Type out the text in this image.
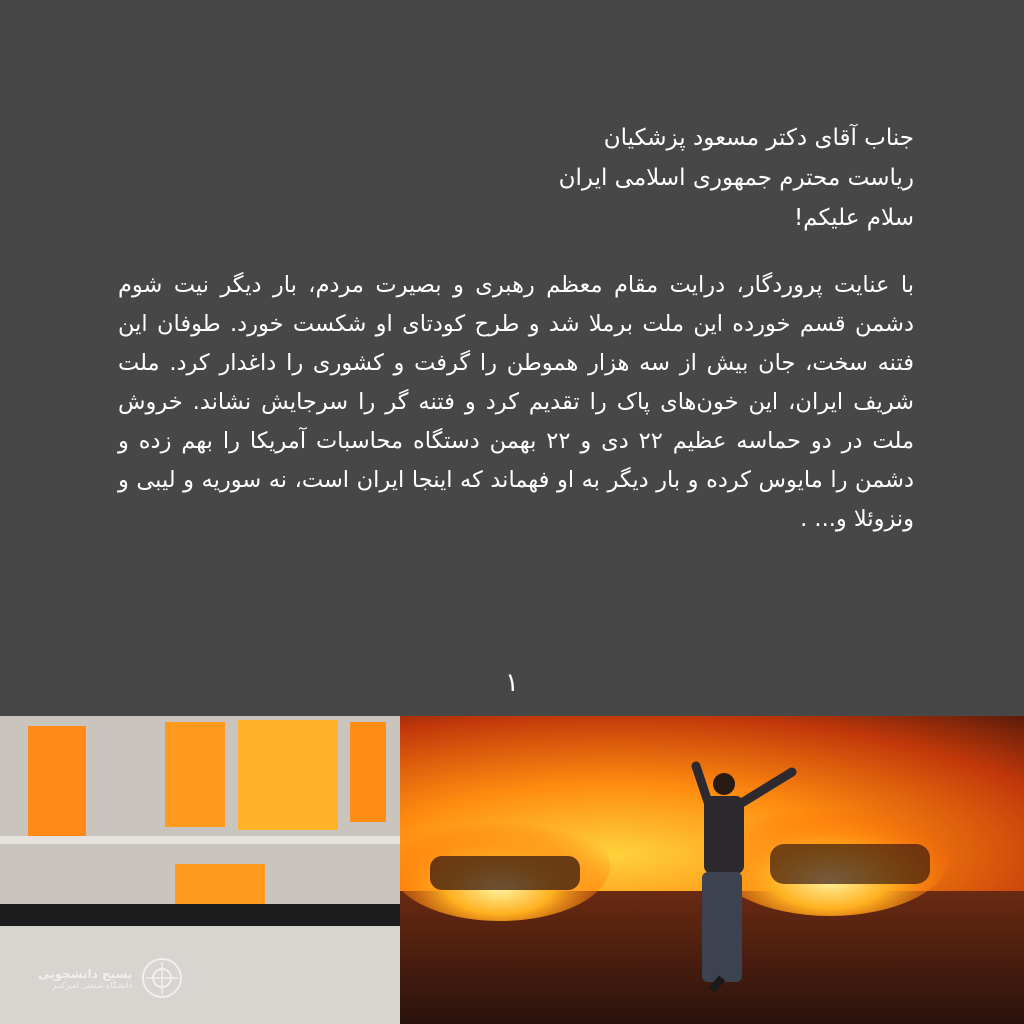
جناب آقای دکتر مسعود پزشکیان

ریاست محترم جمهوری اسلامی ایران

سلام علیکم!

با عنایت پروردگار، درایت مقام معظم رهبری و بصیرت مردم، بار دیگر نیت شوم دشمن قسم خورده این ملت برملا شد و طرح کودتای او شکست خورد. طوفان این فتنه سخت، جان بیش از سه هزار هموطن را گرفت و کشوری را داغدار کرد. ملت شریف ایران، این خون‌های پاک را تقدیم کرد و فتنه گر را سرجایش نشاند. خروش ملت در دو حماسه عظیم ۲۲ دی و ۲۲ بهمن دستگاه محاسبات آمریکا را بهم زده و دشمن را مایوس کرده و بار دیگر به او فهماند که اینجا ایران است، نه سوریه و لیبی و ونزوئلا و... .

۱
بسیج دانشجویی
دانشگاه صنعتی امیرکبیر
